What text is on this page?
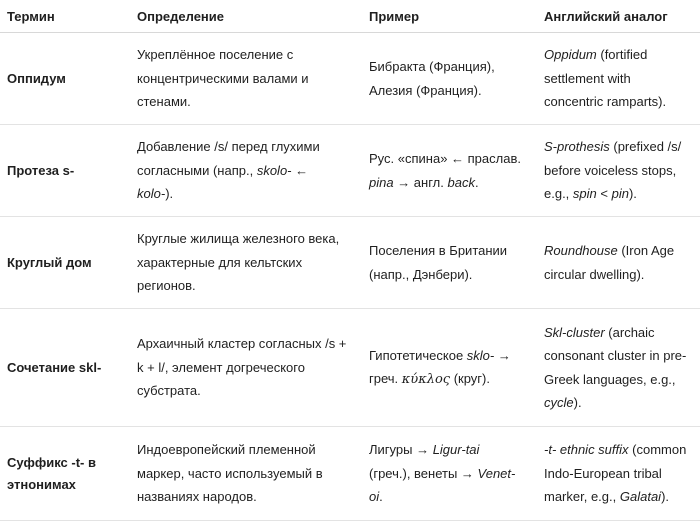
Термин	Определение	Пример	Английский аналог
Оппидум	Укреплённое поселение с концентрическими валами и стенами.	Бибракта (Франция), Алезия (Франция).	Oppidum (fortified settlement with concentric ramparts).
Протеза s-	Добавление /s/ перед глухими согласными (напр., skolo- ← kolo-).	Рус. «спина» ← праслав. pina → англ. back.	S-prothesis (prefixed /s/ before voiceless stops, e.g., spin < pin).
Круглый дом	Круглые жилища железного века, характерные для кельтских регионов.	Поселения в Британии (напр., Дэнбери).	Roundhouse (Iron Age circular dwelling).
Сочетание skl-	Архаичный кластер согласных /s + k + l/, элемент догреческого субстрата.	Гипотетическое sklo- → греч. κύκλος (круг).	Skl-cluster (archaic consonant cluster in pre-Greek languages, e.g., cycle).
Суффикс -t- в этнонимах	Индоевропейский племенной маркер, часто используемый в названиях народов.	Лигуры → Ligur-tai (греч.), венеты → Venet-oi.	-t- ethnic suffix (common Indo-European tribal marker, e.g., Galatai).
